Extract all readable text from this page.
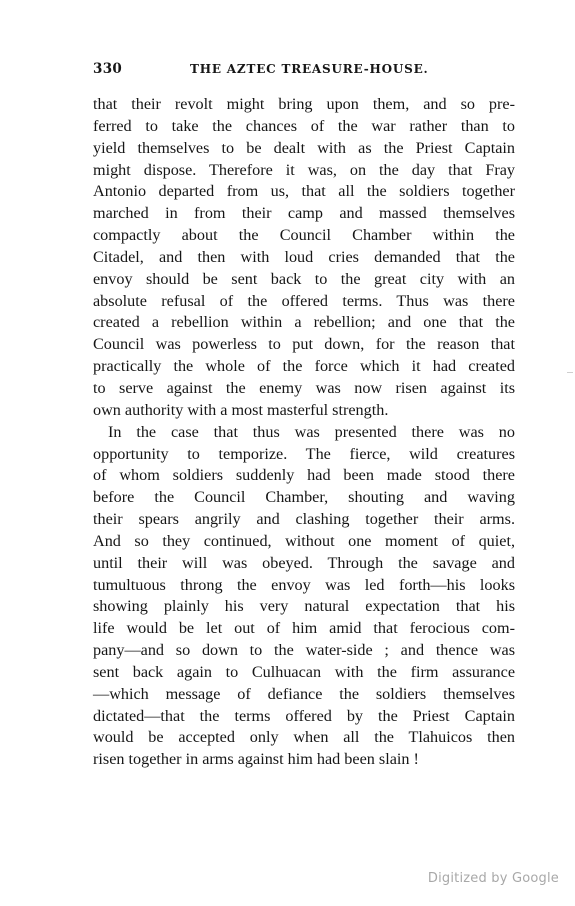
330	THE AZTEC TREASURE-HOUSE.
that their revolt might bring upon them, and so pre-
ferred to take the chances of the war rather than to
yield themselves to be dealt with as the Priest Captain
might dispose. Therefore it was, on the day that Fray
Antonio departed from us, that all the soldiers together
marched in from their camp and massed themselves
compactly about the Council Chamber within the
Citadel, and then with loud cries demanded that the
envoy should be sent back to the great city with an
absolute refusal of the offered terms. Thus was there
created a rebellion within a rebellion; and one that the
Council was powerless to put down, for the reason that
practically the whole of the force which it had created
to serve against the enemy was now risen against its
own authority with a most masterful strength.
In the case that thus was presented there was no
opportunity to temporize. The fierce, wild creatures
of whom soldiers suddenly had been made stood there
before the Council Chamber, shouting and waving
their spears angrily and clashing together their arms.
And so they continued, without one moment of quiet,
until their will was obeyed. Through the savage and
tumultuous throng the envoy was led forth—his looks
showing plainly his very natural expectation that his
life would be let out of him amid that ferocious com-
pany—and so down to the water-side ; and thence was
sent back again to Culhuacan with the firm assurance
—which message of defiance the soldiers themselves
dictated—that the terms offered by the Priest Captain
would be accepted only when all the Tlahuicos then
risen together in arms against him had been slain !
Digitized by Google
